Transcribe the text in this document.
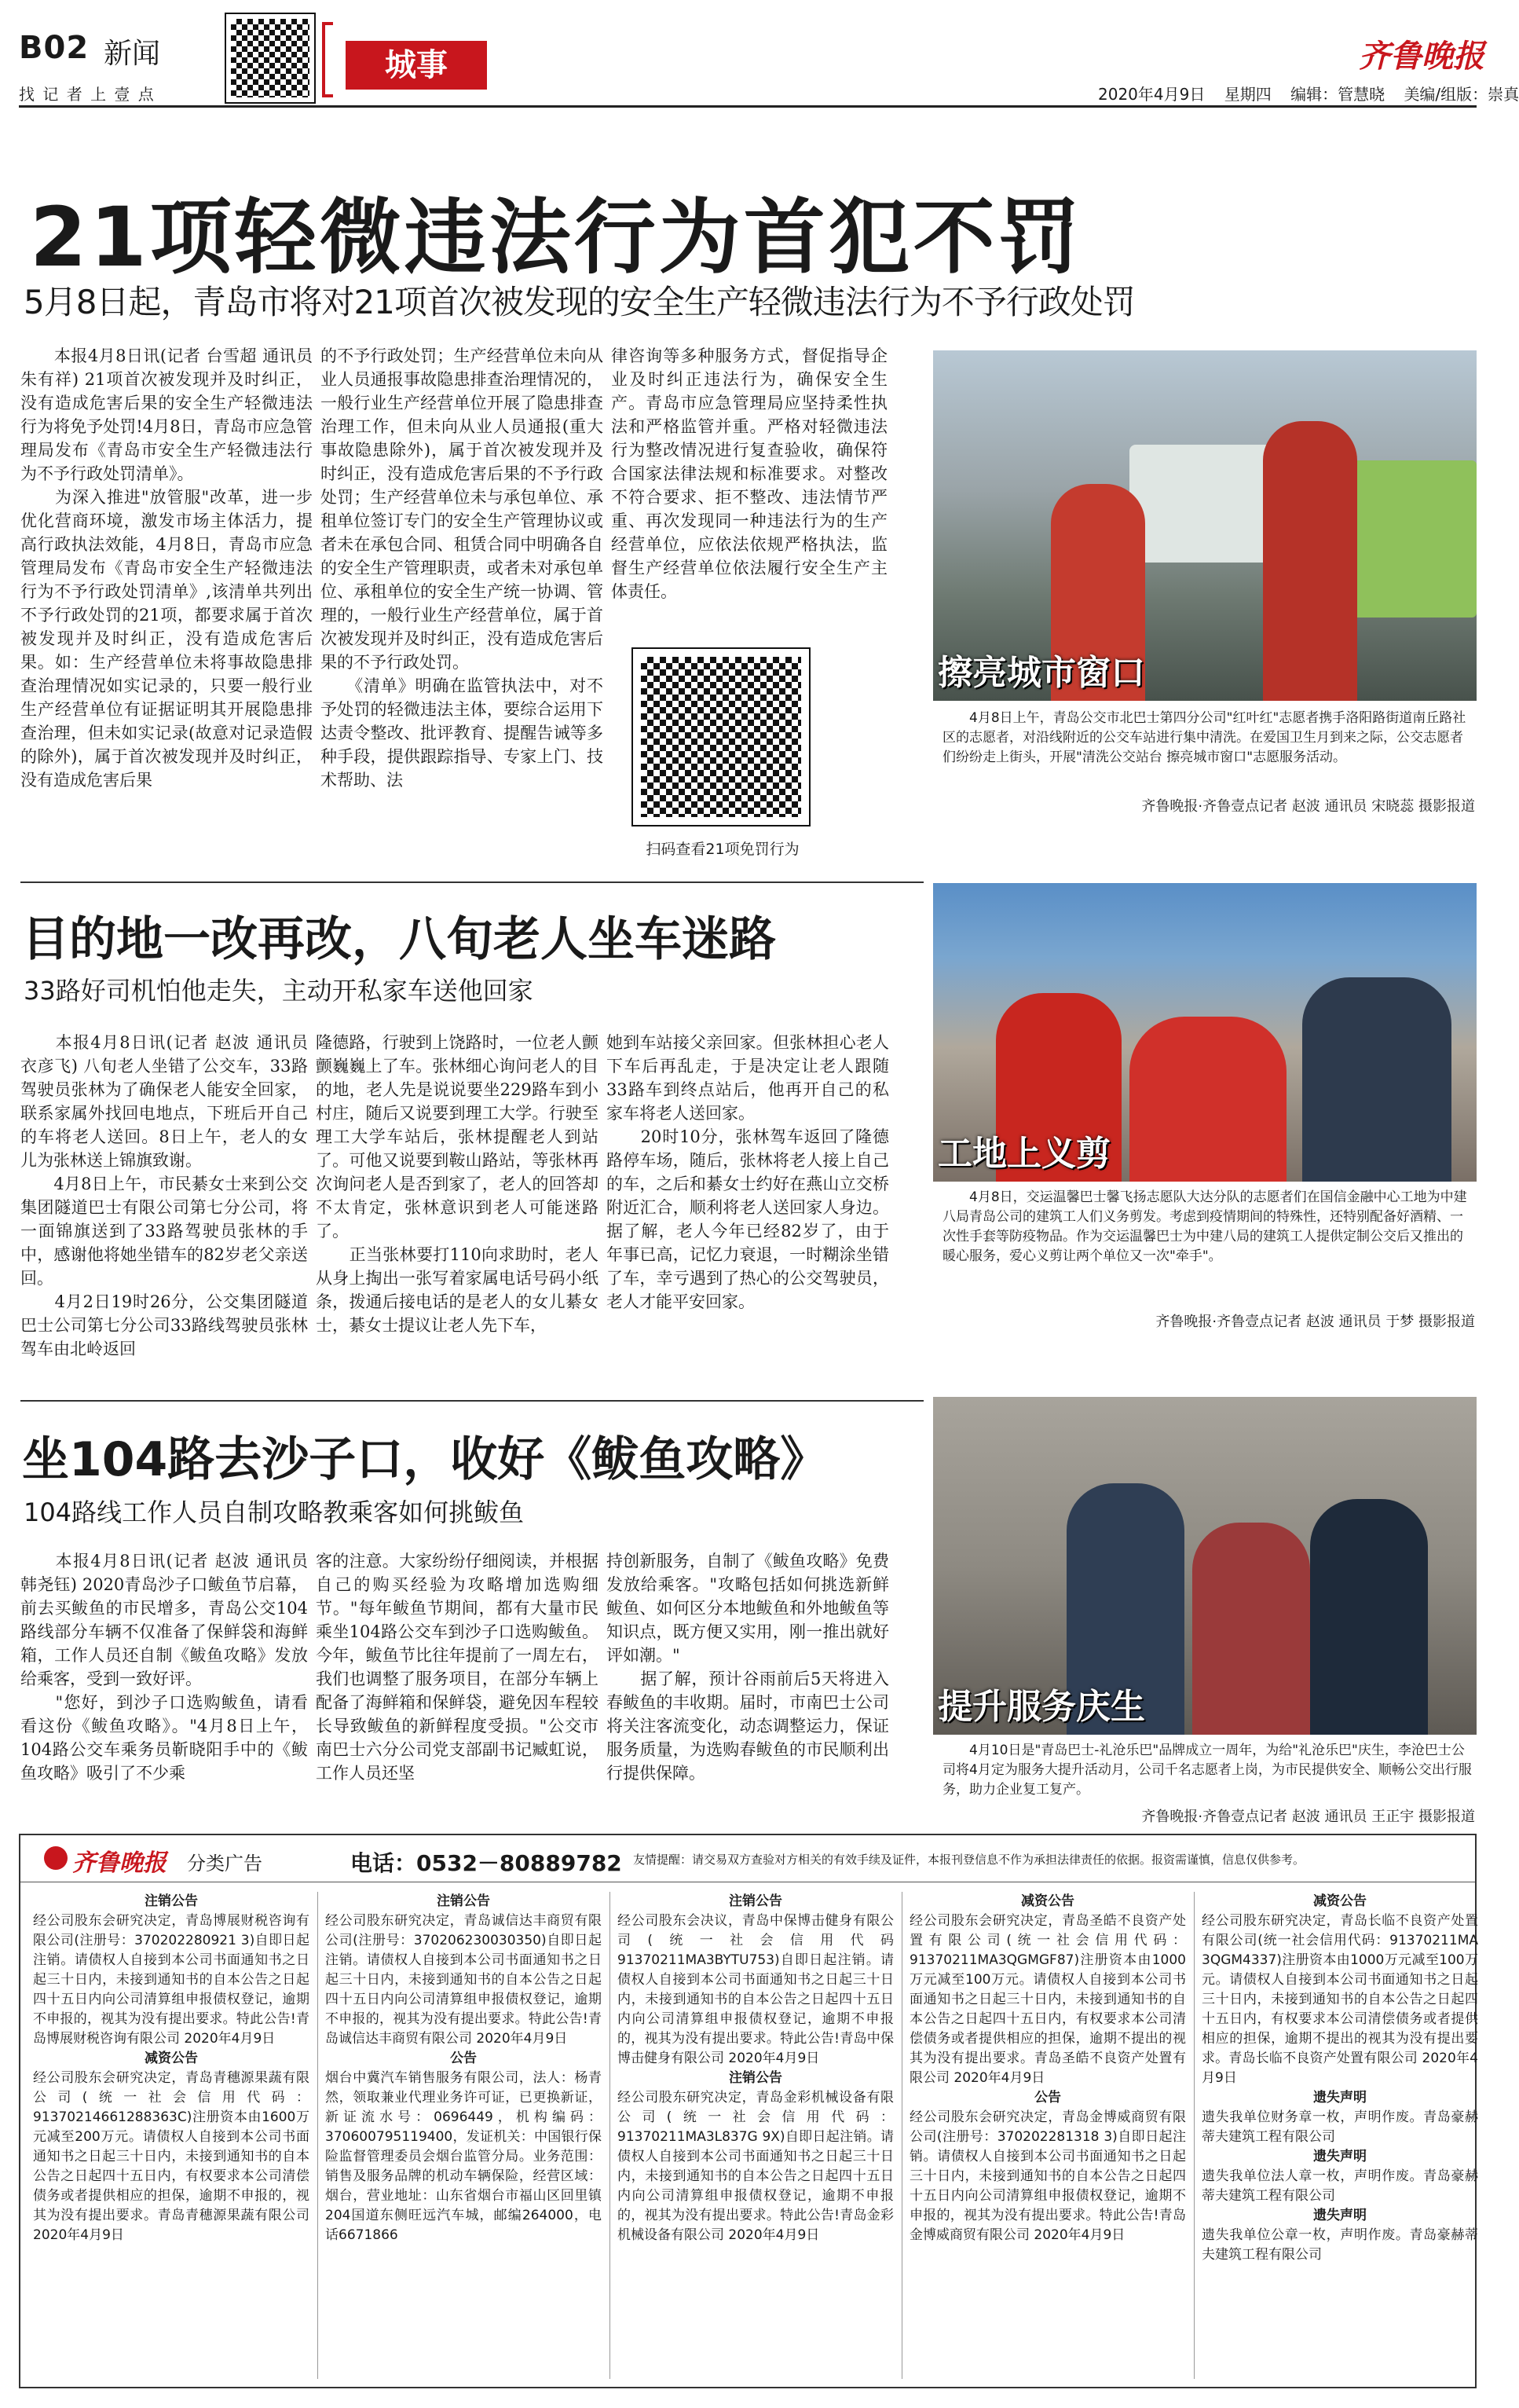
B02 新闻
找 记 者 上 壹 点
城事	齐鲁晚报
2020年4月9日 星期四 编辑：管慧晓 美编/组版：崇真
21项轻微违法行为首犯不罚
5月8日起，青岛市将对21项首次被发现的安全生产轻微违法行为不予行政处罚
　　本报4月8日讯(记者 台雪超 通讯员 朱有祥) 21项首次被发现并及时纠正，没有造成危害后果的安全生产轻微违法行为将免予处罚!4月8日，青岛市应急管理局发布《青岛市安全生产轻微违法行为不予行政处罚清单》。
　　为深入推进"放管服"改革，进一步优化营商环境，激发市场主体活力，提高行政执法效能，4月8日，青岛市应急管理局发布《青岛市安全生产轻微违法行为不予行政处罚清单》,该清单共列出不予行政处罚的21项，都要求属于首次被发现并及时纠正，没有造成危害后果。如：生产经营单位未将事故隐患排查治理情况如实记录的，只要一般行业生产经营单位有证据证明其开展隐患排查治理，但未如实记录(故意对记录造假的除外)，属于首次被发现并及时纠正，没有造成危害后果
的不予行政处罚；生产经营单位未向从业人员通报事故隐患排查治理情况的，一般行业生产经营单位开展了隐患排查治理工作，但未向从业人员通报(重大事故隐患除外)，属于首次被发现并及时纠正，没有造成危害后果的不予行政处罚；生产经营单位未与承包单位、承租单位签订专门的安全生产管理协议或者未在承包合同、租赁合同中明确各自的安全生产管理职责，或者未对承包单位、承租单位的安全生产统一协调、管理的，一般行业生产经营单位，属于首次被发现并及时纠正，没有造成危害后果的不予行政处罚。
　　《清单》明确在监管执法中，对不予处罚的轻微违法主体，要综合运用下达责令整改、批评教育、提醒告诫等多种手段，提供跟踪指导、专家上门、技术帮助、法
律咨询等多种服务方式，督促指导企业及时纠正违法行为，确保安全生产。青岛市应急管理局应坚持柔性执法和严格监管并重。严格对轻微违法行为整改情况进行复查验收，确保符合国家法律法规和标准要求。对整改不符合要求、拒不整改、违法情节严重、再次发现同一种违法行为的生产经营单位，应依法依规严格执法，监督生产经营单位依法履行安全生产主体责任。
扫码查看21项免罚行为
目的地一改再改，八旬老人坐车迷路
33路好司机怕他走失，主动开私家车送他回家
　　本报4月8日讯(记者 赵波 通讯员 衣彦飞) 八旬老人坐错了公交车，33路驾驶员张林为了确保老人能安全回家，联系家属外找回电地点，下班后开自己的车将老人送回。8日上午，老人的女儿为张林送上锦旗致谢。
　　4月8日上午，市民綦女士来到公交集团隧道巴士有限公司第七分公司，将一面锦旗送到了33路驾驶员张林的手中，感谢他将她坐错车的82岁老父亲送回。
　　4月2日19时26分，公交集团隧道巴士公司第七分公司33路线驾驶员张林驾车由北岭返回
隆德路，行驶到上饶路时，一位老人颤颤巍巍上了车。张林细心询问老人的目的地，老人先是说说要坐229路车到小村庄，随后又说要到理工大学。行驶至理工大学车站后，张林提醒老人到站了。可他又说要到鞍山路站，等张林再次询问老人是否到家了，老人的回答却不太肯定，张林意识到老人可能迷路了。
　　正当张林要打110向求助时，老人从身上掏出一张写着家属电话号码小纸条，拨通后接电话的是老人的女儿綦女士，綦女士提议让老人先下车，
她到车站接父亲回家。但张林担心老人下车后再乱走，于是决定让老人跟随33路车到终点站后，他再开自己的私家车将老人送回家。
　　20时10分，张林驾车返回了隆德路停车场，随后，张林将老人接上自己的车，之后和綦女士约好在燕山立交桥附近汇合，顺利将老人送回家人身边。据了解，老人今年已经82岁了，由于年事已高，记忆力衰退，一时糊涂坐错了车，幸亏遇到了热心的公交驾驶员，老人才能平安回家。
坐104路去沙子口，收好《鲅鱼攻略》
104路线工作人员自制攻略教乘客如何挑鲅鱼
　　本报4月8日讯(记者 赵波 通讯员 韩尧钰) 2020青岛沙子口鲅鱼节启幕，前去买鲅鱼的市民增多，青岛公交104路线部分车辆不仅准备了保鲜袋和海鲜箱，工作人员还自制《鲅鱼攻略》发放给乘客，受到一致好评。
　　"您好，到沙子口选购鲅鱼，请看看这份《鲅鱼攻略》。"4月8日上午，104路公交车乘务员靳晓阳手中的《鲅鱼攻略》吸引了不少乘
客的注意。大家纷纷仔细阅读，并根据自己的购买经验为攻略增加选购细节。"每年鲅鱼节期间，都有大量市民乘坐104路公交车到沙子口选购鲅鱼。今年，鲅鱼节比往年提前了一周左右，我们也调整了服务项目，在部分车辆上配备了海鲜箱和保鲜袋，避免因车程较长导致鲅鱼的新鲜程度受损。"公交市南巴士六分公司党支部副书记臧虹说，工作人员还坚
持创新服务，自制了《鲅鱼攻略》免费发放给乘客。"攻略包括如何挑选新鲜鲅鱼、如何区分本地鲅鱼和外地鲅鱼等知识点，既方便又实用，刚一推出就好评如潮。"
　　据了解，预计谷雨前后5天将进入春鲅鱼的丰收期。届时，市南巴士公司将关注客流变化，动态调整运力，保证服务质量，为选购春鲅鱼的市民顺利出行提供保障。
擦亮城市窗口
　　4月8日上午，青岛公交市北巴士第四分公司"红叶红"志愿者携手洛阳路街道南丘路社区的志愿者，对沿线附近的公交车站进行集中清洗。在爱国卫生月到来之际，公交志愿者们纷纷走上街头，开展"清洗公交站台 擦亮城市窗口"志愿服务活动。
齐鲁晚报·齐鲁壹点记者 赵波 通讯员 宋晓蕊 摄影报道
工地上义剪
　　4月8日，交运温馨巴士馨飞扬志愿队大达分队的志愿者们在国信金融中心工地为中建八局青岛公司的建筑工人们义务剪发。考虑到疫情期间的特殊性，还特别配备好酒精、一次性手套等防疫物品。作为交运温馨巴士为中建八局的建筑工人提供定制公交后又推出的暖心服务，爱心义剪让两个单位又一次"牵手"。
齐鲁晚报·齐鲁壹点记者 赵波 通讯员 于梦 摄影报道
提升服务庆生
　　4月10日是"青岛巴士-礼沧乐巴"品牌成立一周年，为给"礼沧乐巴"庆生，李沧巴士公司将4月定为服务大提升活动月，公司千名志愿者上岗，为市民提供安全、顺畅公交出行服务，助力企业复工复产。
齐鲁晚报·齐鲁壹点记者 赵波 通讯员 王正宇 摄影报道
齐鲁晚报 分类广告	电话：0532－80889782 友情提醒：请交易双方查验对方相关的有效手续及证件，本报刊登信息不作为承担法律责任的依据。报资需谨慎，信息仅供参考。
注销公告
经公司股东会研究决定，青岛博展财税咨询有限公司(注册号：370202280921 3)自即日起注销。请债权人自接到本公司书面通知书之日起三十日内，未接到通知书的自本公告之日起四十五日内向公司清算组申报债权登记，逾期不申报的，视其为没有提出要求。特此公告!青岛博展财税咨询有限公司 2020年4月9日
减资公告
经公司股东会研究决定，青岛青穗源果蔬有限公司(统一社会信用代码：91370214661288363C)注册资本由1600万元减至200万元。请债权人自接到本公司书面通知书之日起三十日内，未接到通知书的自本公告之日起四十五日内，有权要求本公司清偿债务或者提供相应的担保，逾期不申报的，视其为没有提出要求。青岛青穗源果蔬有限公司 2020年4月9日
注销公告
经公司股东研究决定，青岛诚信达丰商贸有限公司(注册号：370206230030350)自即日起注销。请债权人自接到本公司书面通知书之日起三十日内，未接到通知书的自本公告之日起四十五日内向公司清算组申报债权登记，逾期不申报的，视其为没有提出要求。特此公告!青岛诚信达丰商贸有限公司 2020年4月9日
公告
烟台中冀汽车销售服务有限公司，法人：杨青然，领取兼业代理业务许可证，已更换新证，新证流水号：0696449，机构编码：370600795119400，发证机关：中国银行保险监督管理委员会烟台监管分局。业务范围：销售及服务品牌的机动车辆保险，经营区域：烟台，营业地址：山东省烟台市福山区回里镇204国道东侧旺远汽车城，邮编264000，电话6671866
注销公告
经公司股东会决议，青岛中保博击健身有限公司(统一社会信用代码91370211MA3BYTU753)自即日起注销。请债权人自接到本公司书面通知书之日起三十日内，未接到通知书的自本公告之日起四十五日内向公司清算组申报债权登记，逾期不申报的，视其为没有提出要求。特此公告!青岛中保博击健身有限公司 2020年4月9日
注销公告
经公司股东研究决定，青岛金彩机械设备有限公司(统一社会信用代码：91370211MA3L837G 9X)自即日起注销。请债权人自接到本公司书面通知书之日起三十日内，未接到通知书的自本公告之日起四十五日内向公司清算组申报债权登记，逾期不申报的，视其为没有提出要求。特此公告!青岛金彩机械设备有限公司 2020年4月9日
减资公告
经公司股东会研究决定，青岛圣皓不良资产处置有限公司(统一社会信用代码：91370211MA3QGMGF87)注册资本由1000万元减至100万元。请债权人自接到本公司书面通知书之日起三十日内，未接到通知书的自本公告之日起四十五日内，有权要求本公司清偿债务或者提供相应的担保，逾期不提出的视其为没有提出要求。青岛圣皓不良资产处置有限公司 2020年4月9日
公告
经公司股东会研究决定，青岛金博威商贸有限公司(注册号：370202281318 3)自即日起注销。请债权人自接到本公司书面通知书之日起三十日内，未接到通知书的自本公告之日起四十五日内向公司清算组申报债权登记，逾期不申报的，视其为没有提出要求。特此公告!青岛金博威商贸有限公司 2020年4月9日
减资公告
经公司股东研究决定，青岛长临不良资产处置有限公司(统一社会信用代码：91370211MA 3QGM4337)注册资本由1000万元减至100万元。请债权人自接到本公司书面通知书之日起三十日内，未接到通知书的自本公告之日起四十五日内，有权要求本公司清偿债务或者提供相应的担保，逾期不提出的视其为没有提出要求。青岛长临不良资产处置有限公司 2020年4月9日
遗失声明
遗失我单位财务章一枚，声明作废。青岛豪赫蒂夫建筑工程有限公司
遗失声明
遗失我单位法人章一枚，声明作废。青岛豪赫蒂夫建筑工程有限公司
遗失声明
遗失我单位公章一枚，声明作废。青岛豪赫蒂夫建筑工程有限公司
